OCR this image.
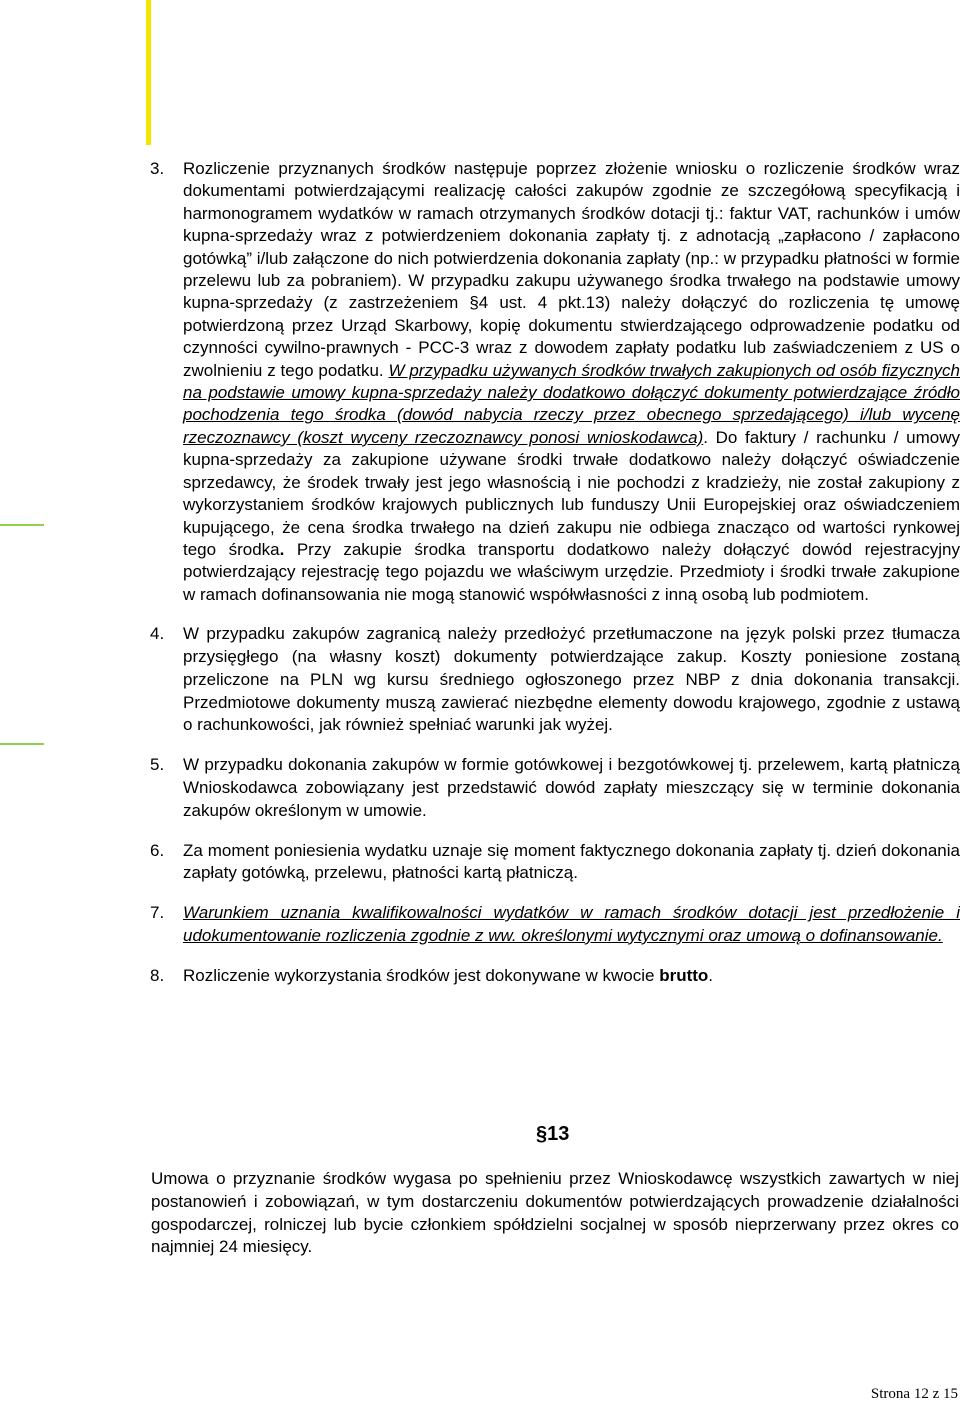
3.	Rozliczenie przyznanych środków następuje poprzez złożenie wniosku o rozliczenie środków wraz dokumentami potwierdzającymi realizację całości zakupów zgodnie ze szczegółową specyfikacją i harmonogramem wydatków w ramach otrzymanych środków dotacji tj.: faktur VAT, rachunków i umów kupna-sprzedaży wraz z potwierdzeniem dokonania zapłaty tj. z adnotacją „zapłacono / zapłacono gotówką” i/lub załączone do nich potwierdzenia dokonania zapłaty (np.: w przypadku płatności w formie przelewu lub za pobraniem). W przypadku zakupu używanego środka trwałego na podstawie umowy kupna-sprzedaży (z zastrzeżeniem §4 ust. 4 pkt.13) należy dołączyć do rozliczenia tę umowę potwierdzoną przez Urząd Skarbowy, kopię dokumentu stwierdzającego odprowadzenie podatku od czynności cywilno-prawnych - PCC-3 wraz z dowodem zapłaty podatku lub zaświadczeniem z US o zwolnieniu z tego podatku. W przypadku używanych środków trwałych zakupionych od osób fizycznych na podstawie umowy kupna-sprzedaży należy dodatkowo dołączyć dokumenty potwierdzające źródło pochodzenia tego środka (dowód nabycia rzeczy przez obecnego sprzedającego) i/lub wycenę rzeczoznawcy (koszt wyceny rzeczoznawcy ponosi wnioskodawca). Do faktury / rachunku / umowy kupna-sprzedaży za zakupione używane środki trwałe dodatkowo należy dołączyć oświadczenie sprzedawcy, że środek trwały jest jego własnością i nie pochodzi z kradzieży, nie został zakupiony z wykorzystaniem środków krajowych publicznych lub funduszy Unii Europejskiej oraz oświadczeniem kupującego, że cena środka trwałego na dzień zakupu nie odbiega znacząco od wartości rynkowej tego środka. Przy zakupie środka transportu dodatkowo należy dołączyć dowód rejestracyjny potwierdzający rejestrację tego pojazdu we właściwym urzędzie. Przedmioty i środki trwałe zakupione w ramach dofinansowania nie mogą stanowić współwłasności z inną osobą lub podmiotem.
4.	W przypadku zakupów zagranicą należy przedłożyć przetłumaczone na język polski przez tłumacza przysięgłego (na własny koszt) dokumenty potwierdzające zakup. Koszty poniesione zostaną przeliczone na PLN wg kursu średniego ogłoszonego przez NBP z dnia dokonania transakcji. Przedmiotowe dokumenty muszą zawierać niezbędne elementy dowodu krajowego, zgodnie z ustawą o rachunkowości, jak również spełniać warunki jak wyżej.
5.	W przypadku dokonania zakupów w formie gotówkowej i bezgotówkowej tj. przelewem, kartą płatniczą Wnioskodawca zobowiązany jest przedstawić dowód zapłaty mieszczący się w terminie dokonania zakupów określonym w umowie.
6.	Za moment poniesienia wydatku uznaje się moment faktycznego dokonania zapłaty tj. dzień dokonania zapłaty gotówką, przelewu, płatności kartą płatniczą.
7.	Warunkiem uznania kwalifikowalności wydatków w ramach środków dotacji jest przedłożenie i udokumentowanie rozliczenia zgodnie z ww. określonymi wytycznymi oraz umową o dofinansowanie.
8.	Rozliczenie wykorzystania środków jest dokonywane w kwocie brutto.
§13

Umowa o przyznanie środków wygasa po spełnieniu przez Wnioskodawcę wszystkich zawartych w niej postanowień i zobowiązań, w tym dostarczeniu dokumentów potwierdzających prowadzenie działalności gospodarczej, rolniczej lub bycie członkiem spółdzielni socjalnej w sposób nieprzerwany przez okres co najmniej 24 miesięcy.

Strona 12 z 15
